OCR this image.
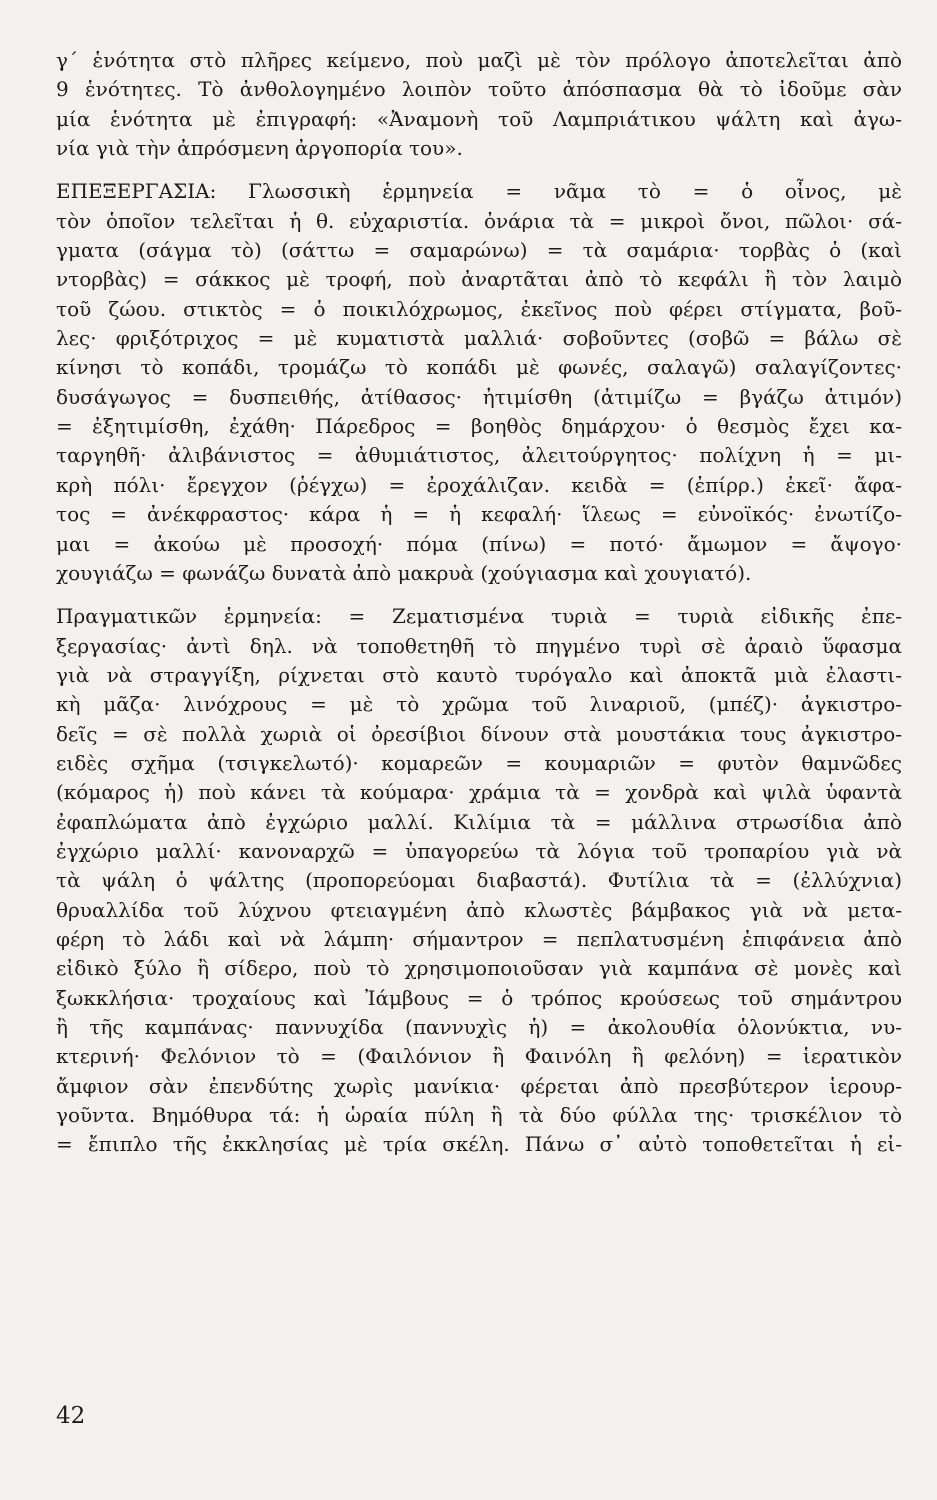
γ΄ ἑνότητα στὸ πλῆρες κείμενο, ποὺ μαζὶ μὲ τὸν πρόλογο ἀποτελεῖται ἀπὸ
9 ἑνότητες. Τὸ ἀνθολογημένο λοιπὸν τοῦτο ἀπόσπασμα θὰ τὸ ἰδοῦμε σὰν
μία ἑνότητα μὲ ἐπιγραφή: «Ἀναμονὴ τοῦ Λαμπριάτικου ψάλτη καὶ ἀγω-
νία γιὰ τὴν ἀπρόσμενη ἀργοπορία του».
ΕΠΕΞΕΡΓΑΣΙΑ: Γλωσσικὴ ἑρμηνεία = νᾶμα τὸ = ὁ οἶνος, μὲ
τὸν ὁποῖον τελεῖται ἡ θ. εὐχαριστία. ὀνάρια τὰ = μικροὶ ὄνοι, πῶλοι· σά-
γματα (σάγμα τὸ) (σάττω = σαμαρώνω) = τὰ σαμάρια· τορβὰς ὁ (καὶ
ντορβὰς) = σάκκος μὲ τροφή, ποὺ ἀναρτᾶται ἀπὸ τὸ κεφάλι ἢ τὸν λαιμὸ
τοῦ ζώου. στικτὸς = ὁ ποικιλόχρωμος, ἐκεῖνος ποὺ φέρει στίγματα, βοῦ-
λες· φριξότριχος = μὲ κυματιστὰ μαλλιά· σοβοῦντες (σοβῶ = βάλω σὲ
κίνησι τὸ κοπάδι, τρομάζω τὸ κοπάδι μὲ φωνές, σαλαγῶ) σαλαγίζοντες·
δυσάγωγος = δυσπειθής, ἀτίθασος· ἠτιμίσθη (ἀτιμίζω = βγάζω ἀτιμόν)
= ἐξητιμίσθη, ἐχάθη· Πάρεδρος = βοηθὸς δημάρχου· ὁ θεσμὸς ἔχει κα-
ταργηθῆ· ἀλιβάνιστος = ἀθυμιάτιστος, ἀλειτούργητος· πολίχνη ἡ = μι-
κρὴ πόλι· ἔρεγχον (ῥέγχω) = ἐροχάλιζαν. κειδὰ = (ἐπίρρ.) ἐκεῖ· ἄφα-
τος = ἀνέκφραστος· κάρα ἡ = ἡ κεφαλή· ἵλεως = εὐνοϊκός· ἐνωτίζο-
μαι = ἀκούω μὲ προσοχή· πόμα (πίνω) = ποτό· ἄμωμον = ἄψογο·
χουγιάζω = φωνάζω δυνατὰ ἀπὸ μακρυὰ (χούγιασμα καὶ χουγιατό).
Πραγματικῶν ἑρμηνεία: = Ζεματισμένα τυριὰ = τυριὰ εἰδικῆς ἐπε-
ξεργασίας· ἀντὶ δηλ. νὰ τοποθετηθῆ τὸ πηγμένο τυρὶ σὲ ἀραιὸ ὕφασμα
γιὰ νὰ στραγγίξη, ρίχνεται στὸ καυτὸ τυρόγαλο καὶ ἀποκτᾶ μιὰ ἐλαστι-
κὴ μᾶζα· λινόχρους = μὲ τὸ χρῶμα τοῦ λιναριοῦ, (μπέζ)· ἀγκιστρο-
δεῖς = σὲ πολλὰ χωριὰ οἱ ὀρεσίβιοι δίνουν στὰ μουστάκια τους ἀγκιστρο-
ειδὲς σχῆμα (τσιγκελωτό)· κομαρεῶν = κουμαριῶν = φυτὸν θαμνῶδες
(κόμαρος ἡ) ποὺ κάνει τὰ κούμαρα· χράμια τὰ = χονδρὰ καὶ ψιλὰ ὑφαντὰ
ἐφαπλώματα ἀπὸ ἐγχώριο μαλλί. Κιλίμια τὰ = μάλλινα στρωσίδια ἀπὸ
ἐγχώριο μαλλί· κανοναρχῶ = ὑπαγορεύω τὰ λόγια τοῦ τροπαρίου γιὰ νὰ
τὰ ψάλη ὁ ψάλτης (προπορεύομαι διαβαστά). Φυτίλια τὰ = (ἐλλύχνια)
θρυαλλίδα τοῦ λύχνου φτειαγμένη ἀπὸ κλωστὲς βάμβακος γιὰ νὰ μετα-
φέρη τὸ λάδι καὶ νὰ λάμπη· σήμαντρον = πεπλατυσμένη ἐπιφάνεια ἀπὸ
εἰδικὸ ξύλο ἢ σίδερο, ποὺ τὸ χρησιμοποιοῦσαν γιὰ καμπάνα σὲ μονὲς καὶ
ξωκκλήσια· τροχαίους καὶ Ἰάμβους = ὁ τρόπος κρούσεως τοῦ σημάντρου
ἢ τῆς καμπάνας· παννυχίδα (παννυχὶς ἡ) = ἀκολουθία ὁλονύκτια, νυ-
κτερινή· Φελόνιον τὸ = (Φαιλόνιον ἢ Φαινόλη ἢ φελόνη) = ἱερατικὸν
ἄμφιον σὰν ἐπενδύτης χωρὶς μανίκια· φέρεται ἀπὸ πρεσβύτερον ἱερουρ-
γοῦντα. Βημόθυρα τά: ἡ ὡραία πύλη ἢ τὰ δύο φύλλα της· τρισκέλιον τὸ
= ἔπιπλο τῆς ἐκκλησίας μὲ τρία σκέλη. Πάνω σ᾿ αὐτὸ τοποθετεῖται ἡ εἰ-
42
